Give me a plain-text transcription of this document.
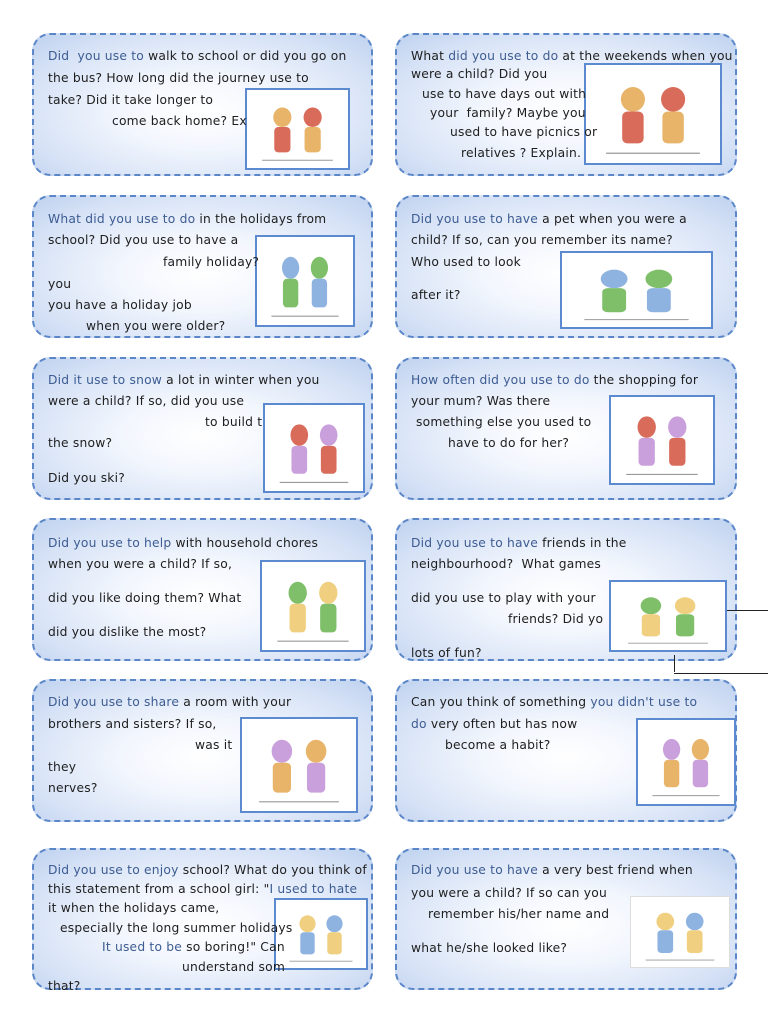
Did  you use to walk to school or did you go on
the bus? How long did the journey use to
take? Did it take longer to
come back home? Ex
What did you use to do in the holidays from
school? Did you use to have a
family holiday?
you
you have a holiday job
when you were older?
Did it use to snow a lot in winter when you
were a child? If so, did you use
to build t
the snow?
Did you ski?
Did you use to help with household chores
when you were a child? If so,
did you like doing them? What
did you dislike the most?
Did you use to share a room with your
brothers and sisters? If so,
was it
they
nerves?
Did you use to enjoy school? What do you think of
this statement from a school girl: "I used to hate
it when the holidays came,
especially the long summer holidays
It used to be so boring!" Can
understand som
that?
What did you use to do at the weekends when you
were a child? Did you
use to have days out with
your  family? Maybe you
used to have picnics or
relatives ? Explain.
Did you use to have a pet when you were a
child? If so, can you remember its name?
Who used to look
after it?
How often did you use to do the shopping for
your mum? Was there
something else you used to
have to do for her?
Did you use to have friends in the
neighbourhood?  What games
did you use to play with your
friends? Did yo
lots of fun?
Can you think of something you didn't use to
do very often but has now
become a habit?
Did you use to have a very best friend when
you were a child? If so can you
remember his/her name and
what he/she looked like?
